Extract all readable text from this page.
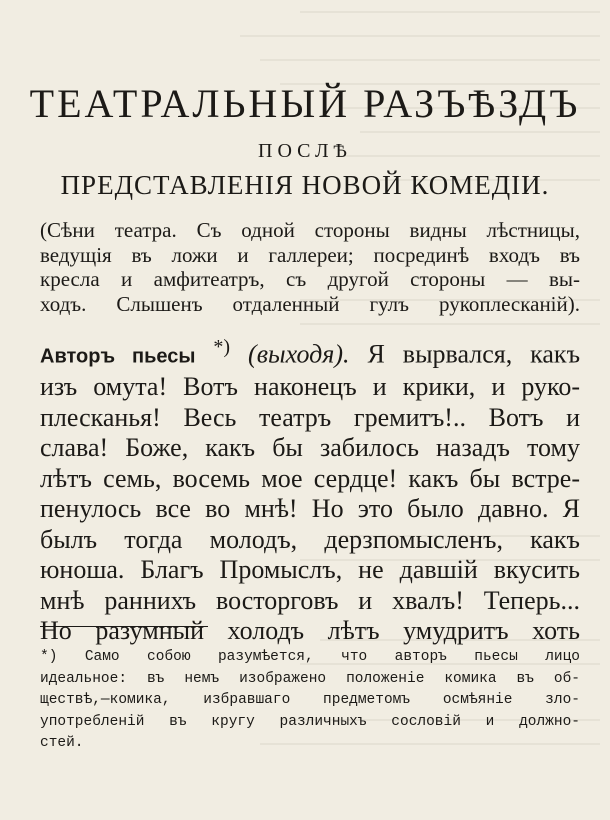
ТЕАТРАЛЬНЫЙ РАЗЪѢЗДЪ
ПОСЛѢ
ПРЕДСТАВЛЕНІЯ НОВОЙ КОМЕДІИ.
(Сѣни театра. Съ одной стороны видны лѣстницы,
ведущія въ ложи и галлереи; посрединѣ входъ въ
кресла и амфитеатръ, съ другой стороны — вы-
ходъ. Слышенъ отдаленный гулъ рукоплесканій).
Авторъ пьесы *) (выходя). Я вырвался, какъ
изъ омута! Вотъ наконецъ и крики, и руко-
плесканья! Весь театръ гремитъ!.. Вотъ и
слава! Боже, какъ бы забилось назадъ тому
лѣтъ семь, восемь мое сердце! какъ бы встре-
пенулось все во мнѣ! Но это было давно. Я
былъ тогда молодъ, дерзпомысленъ, какъ
юноша. Благъ Промыслъ, не давшій вкусить
мнѣ раннихъ восторговъ и хвалъ! Теперь...
Но разумный холодъ лѣтъ умудритъ хоть
*) Само собою разумѣется, что авторъ пьесы лицо
идеальное: въ немъ изображено положеніе комика въ об-
ществѣ,—комика, избравшаго предметомъ осмѣяніе зло-
употребленій въ кругу различныхъ сословій и должно-
стей.
